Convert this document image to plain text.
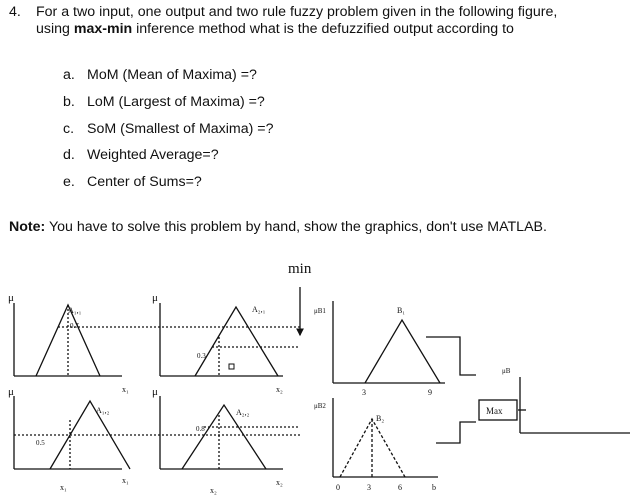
4. For a two input, one output and two rule fuzzy problem given in the following figure,
using max-min inference method what is the defuzzified output according to
a. MoM (Mean of Maxima) =?
b. LoM (Largest of Maxima) =?
c. SoM (Smallest of Maxima) =?
d. Weighted Average=?
e. Center of Sums=?
Note: You have to solve this problem by hand, show the graphics, don't use MATLAB.
min
μ
A₁,₁
0.7
μ
A₂,₁
0.3
μ
A₁,₂
0.5
μ
A₂,₂
0.8
x₁	x₂
x₁
x₁
x₂
x₂
μB1	B₁
3	9
μB2
B₂
0	3	6	b
Max
μB
